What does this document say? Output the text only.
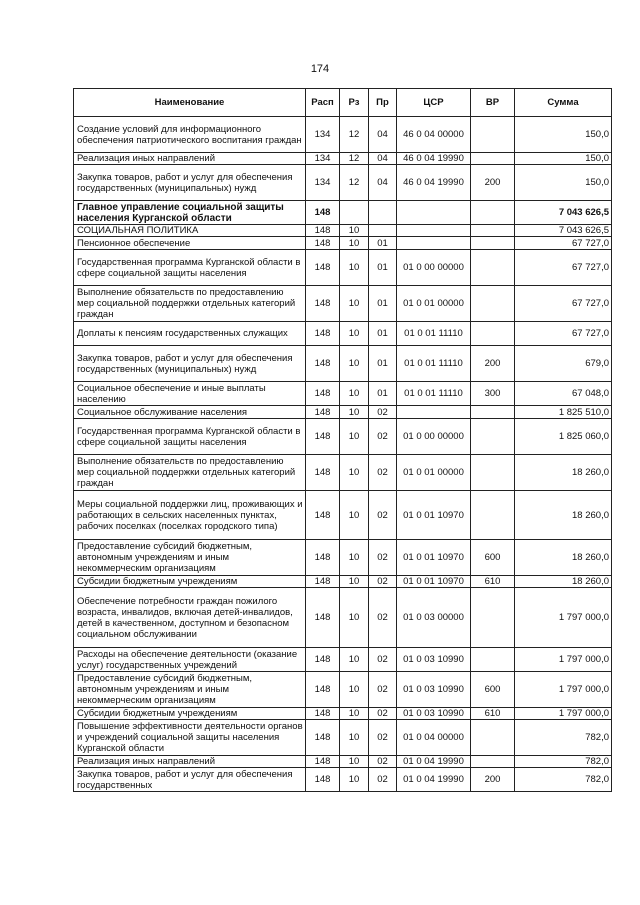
174
Наименование	Расп	Рз	Пр	ЦСР	ВР	Сумма
Создание условий для информационного обеспечения патриотического воспитания граждан	134	12	04	46 0 04 00000		150,0
Реализация иных направлений	134	12	04	46 0 04 19990		150,0
Закупка товаров, работ и услуг для обеспечения государственных (муниципальных) нужд	134	12	04	46 0 04 19990	200	150,0
Главное управление социальной защиты населения Курганской области	148					7 043 626,5
СОЦИАЛЬНАЯ ПОЛИТИКА	148	10				7 043 626,5
Пенсионное обеспечение	148	10	01			67 727,0
Государственная программа Курганской области в сфере социальной защиты населения	148	10	01	01 0 00 00000		67 727,0
Выполнение обязательств по предоставлению мер социальной поддержки отдельных категорий граждан	148	10	01	01 0 01 00000		67 727,0
Доплаты к пенсиям государственных служащих	148	10	01	01 0 01 11110		67 727,0
Закупка товаров, работ и услуг для обеспечения государственных (муниципальных) нужд	148	10	01	01 0 01 11110	200	679,0
Социальное обеспечение и иные выплаты населению	148	10	01	01 0 01 11110	300	67 048,0
Социальное обслуживание населения	148	10	02			1 825 510,0
Государственная программа Курганской области в сфере социальной защиты населения	148	10	02	01 0 00 00000		1 825 060,0
Выполнение обязательств по предоставлению мер социальной поддержки отдельных категорий граждан	148	10	02	01 0 01 00000		18 260,0
Меры социальной поддержки лиц, проживающих и работающих в сельских населенных пунктах, рабочих поселках (поселках городского типа)	148	10	02	01 0 01 10970		18 260,0
Предоставление субсидий бюджетным, автономным учреждениям и иным некоммерческим организациям	148	10	02	01 0 01 10970	600	18 260,0
Субсидии бюджетным учреждениям	148	10	02	01 0 01 10970	610	18 260,0
Обеспечение потребности граждан пожилого возраста, инвалидов, включая детей-инвалидов, детей в качественном, доступном и безопасном социальном обслуживании	148	10	02	01 0 03 00000		1 797 000,0
Расходы на обеспечение деятельности (оказание услуг) государственных учреждений	148	10	02	01 0 03 10990		1 797 000,0
Предоставление субсидий бюджетным, автономным учреждениям и иным некоммерческим организациям	148	10	02	01 0 03 10990	600	1 797 000,0
Субсидии бюджетным учреждениям	148	10	02	01 0 03 10990	610	1 797 000,0
Повышение эффективности деятельности органов и учреждений социальной защиты населения Курганской области	148	10	02	01 0 04 00000		782,0
Реализация иных направлений	148	10	02	01 0 04 19990		782,0
Закупка товаров, работ и услуг для обеспечения государственных	148	10	02	01 0 04 19990	200	782,0
